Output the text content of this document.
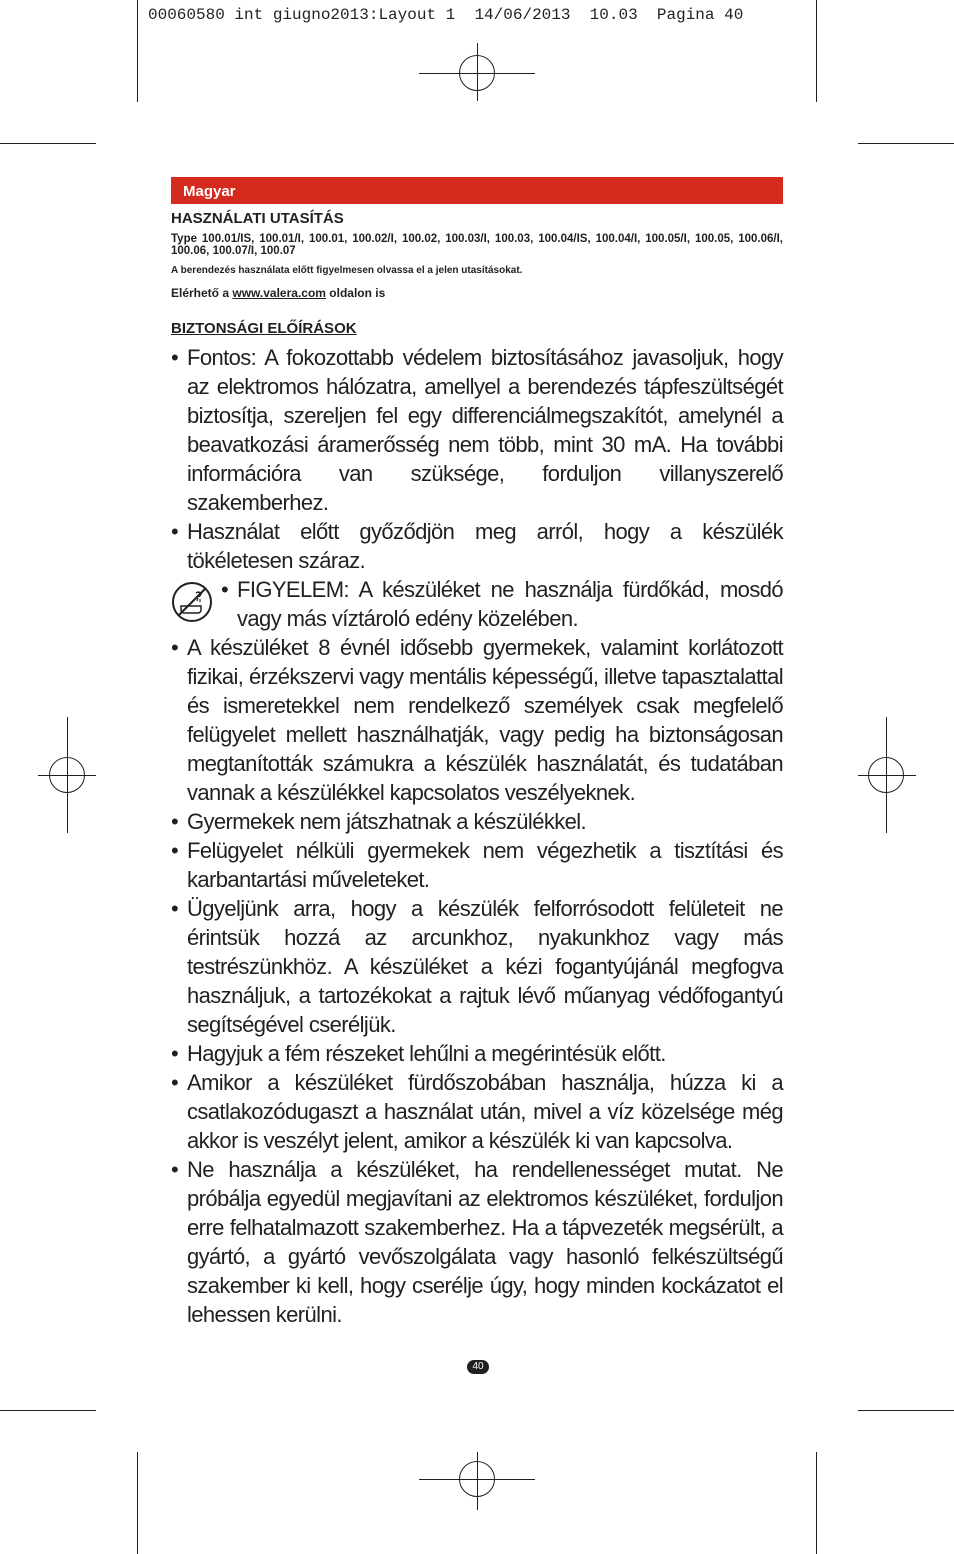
00060580 int giugno2013:Layout 1  14/06/2013  10.03  Pagina 40
Magyar
HASZNÁLATI UTASÍTÁS
Type 100.01/IS, 100.01/I, 100.01, 100.02/I, 100.02, 100.03/I, 100.03, 100.04/IS, 100.04/I, 100.05/I, 100.05, 100.06/I, 100.06, 100.07/I, 100.07
A berendezés használata előtt figyelmesen olvassa el a jelen utasításokat.
Elérhető a www.valera.com oldalon is
BIZTONSÁGI ELŐÍRÁSOK
• Fontos: A fokozottabb védelem biztosításához javasoljuk, hogy az elektromos hálózatra, amellyel a berendezés tápfeszültségét biztosítja, szereljen fel egy differenciálmegszakítót, amelynél a beavatkozási áramerősség nem több, mint 30 mA. Ha további információra van szüksége, forduljon villanyszerelő szakemberhez.
• Használat előtt győződjön meg arról, hogy a készülék tökéletesen száraz.
• FIGYELEM: A készüléket ne használja fürdőkád, mosdó vagy más víztároló edény közelében.
• A készüléket 8 évnél idősebb gyermekek, valamint korlátozott fizikai, érzékszervi vagy mentális képességű, illetve tapasztalattal és ismeretekkel nem rendelkező személyek csak megfelelő felügyelet mellett használhatják, vagy pedig ha biztonságosan megtanították számukra a készülék használatát, és tudatában vannak a készülékkel kapcsolatos veszélyeknek.
• Gyermekek nem játszhatnak a készülékkel.
• Felügyelet nélküli gyermekek nem végezhetik a tisztítási és karbantartási műveleteket.
• Ügyeljünk arra, hogy a készülék felforrósodott felületeit ne érintsük hozzá az arcunkhoz, nyakunkhoz vagy más testrészünkhöz. A készüléket a kézi fogantyújánál megfogva használjuk, a tartozékokat a rajtuk lévő műanyag védőfogantyú segítségével cseréljük.
• Hagyjuk a fém részeket lehűlni a megérintésük előtt.
• Amikor a készüléket fürdőszobában használja, húzza ki a csatlakozódugaszt a használat után, mivel a víz közelsége még akkor is veszélyt jelent, amikor a készülék ki van kapcsolva.
• Ne használja a készüléket, ha rendellenességet mutat. Ne próbálja egyedül megjavítani az elektromos készüléket, forduljon erre felhatalmazott szakemberhez. Ha a tápvezeték megsérült, a gyártó, a gyártó vevőszolgálata vagy hasonló felkészültségű szakember ki kell, hogy cserélje úgy, hogy minden kockázatot el lehessen kerülni.
40
